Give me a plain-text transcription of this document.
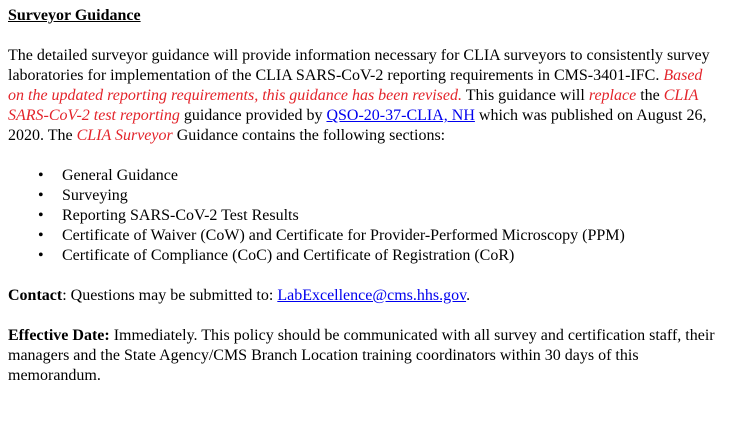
Surveyor Guidance

The detailed surveyor guidance will provide information necessary for CLIA surveyors to consistently survey laboratories for implementation of the CLIA SARS-CoV-2 reporting requirements in CMS-3401-IFC. Based on the updated reporting requirements, this guidance has been revised. This guidance will replace the CLIA SARS-CoV-2 test reporting guidance provided by QSO-20-37-CLIA, NH which was published on August 26, 2020. The CLIA Surveyor Guidance contains the following sections:

• General Guidance
• Surveying
• Reporting SARS-CoV-2 Test Results
• Certificate of Waiver (CoW) and Certificate for Provider-Performed Microscopy (PPM)
• Certificate of Compliance (CoC) and Certificate of Registration (CoR)

Contact: Questions may be submitted to: LabExcellence@cms.hhs.gov.

Effective Date: Immediately. This policy should be communicated with all survey and certification staff, their managers and the State Agency/CMS Branch Location training coordinators within 30 days of this memorandum.
